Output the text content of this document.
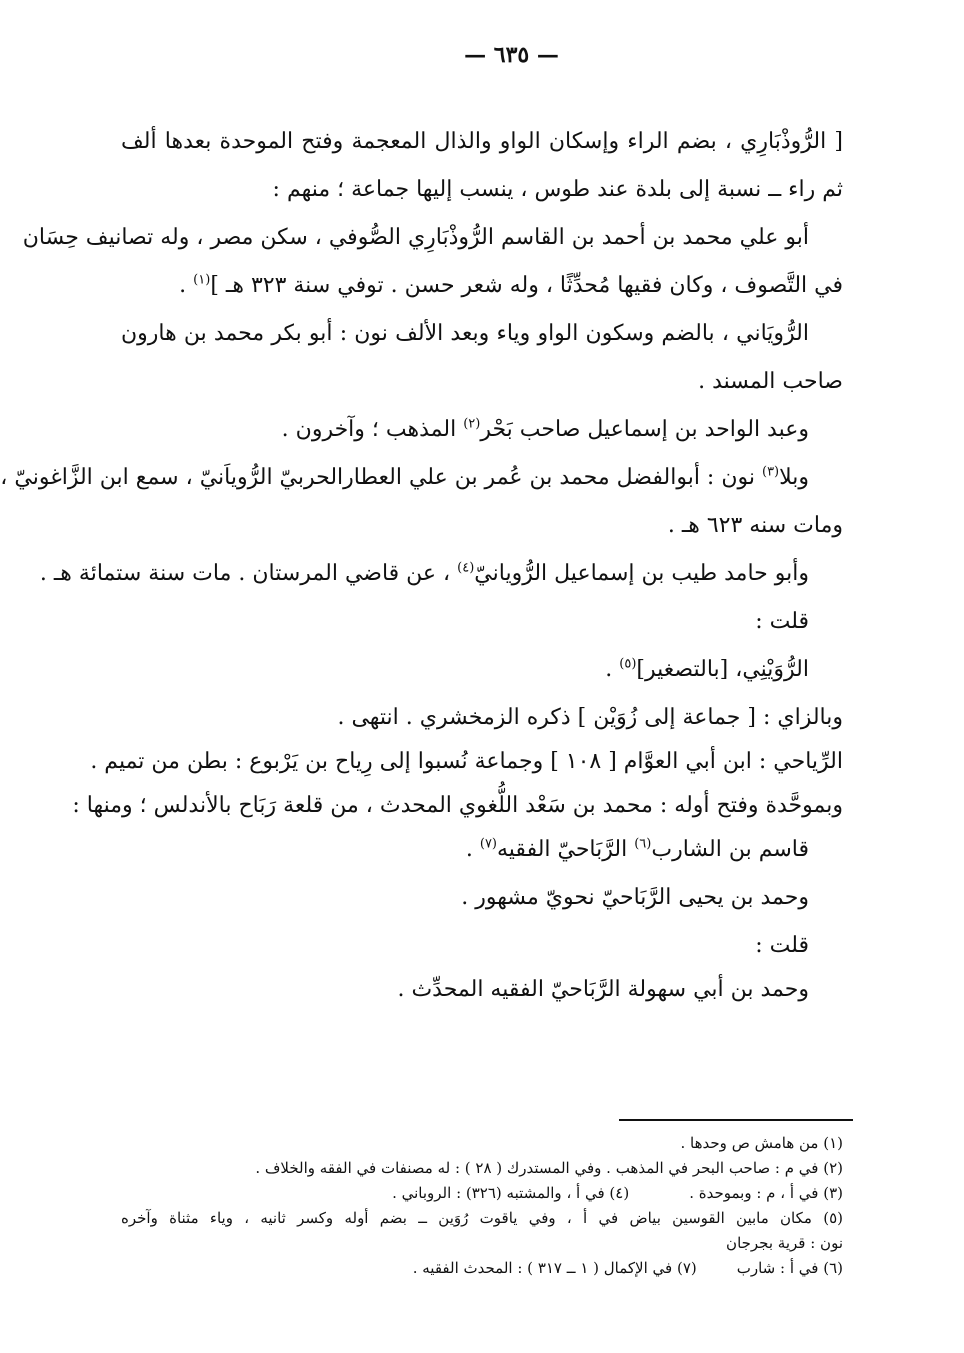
— ٦٣٥ —
[ الرُّوذْبَارِي ، بضم الراء وإسكان الواو والذال المعجمة وفتح الموحدة بعدها ألف
ثم راء ــ نسبة إلى بلدة عند طوس ، ينسب إليها جماعة ؛ منهم :
أبو علي محمد بن أحمد بن القاسم الرُّوذْبَارِي الصُّوفي ، سكن مصر ، وله تصانيف حِسَان
في التَّصوف ، وكان فقيها مُحدِّثًا ، وله شعر حسن . توفي سنة ٣٢٣ هـ ]$^{(١)}$ .
الرُّويَاني ، بالضم وسكون الواو وياء وبعد الألف نون : أبو بكر محمد بن هارون
صاحب المسند .
وعبد الواحد بن إسماعيل صاحب بَحْر$^{(٢)}$ المذهب ؛ وآخرون .
وبلا$^{(٣)}$ نون : أبوالفضل محمد بن عُمر بن علي العطارالحربيّ الرُّوياَنيّ ، سمع ابن الزَّاغونيّ ،
ومات سنه ٦٢٣ هـ .
وأبو حامد طيب بن إسماعيل الرُّويانيّ$^{(٤)}$ ، عن قاضي المرستان . مات سنة ستمائة هـ .
قلت :
الرُّوَيْنِي، [بالتصغير]$^{(٥)}$ .
وبالزاي : [ جماعة إلى زُوَيْن ] ذكره الزمخشري . انتهى .
الرِّياحي : ابن أبي العوَّام [ ١٠٨ ] وجماعة نُسبوا إلى رِياح بن يَرْبوع : بطن من تميم .
وبموحَّدة وفتح أوله : محمد بن سَعْد اللُّغوي المحدث ، من قلعة رَبَاح بالأندلس ؛ ومنها :
قاسم بن الشارب$^{(٦)}$ الرَّبَاحيّ الفقيه$^{(٧)}$ .
وحمد بن يحيى الرَّبَاحيّ نحويّ مشهور .
قلت :
وحمد بن أبي سهولة الرَّبَاحيّ الفقيه المحدِّث .
(١) من هامش ص وحدها .
(٢) في م : صاحب البحر في المذهب . وفي المستدرك ( ٢٨ ) : له مصنفات في الفقه والخلاف .
(٣) في أ ، م : وبموحدة .
(٤) في أ ، والمشتبه (٣٢٦) : الروباني .
(٥) مكان مابين القوسين بياض في أ ، وفي ياقوت رُوَين ــ بضم أوله وكسر ثانيه ، وياء مثناة وآخره
نون : قرية بجرجان
(٦) في أ : شارب
(٧) في الإكمال ( ١ ــ ٣١٧ ) : المحدث الفقيه .
